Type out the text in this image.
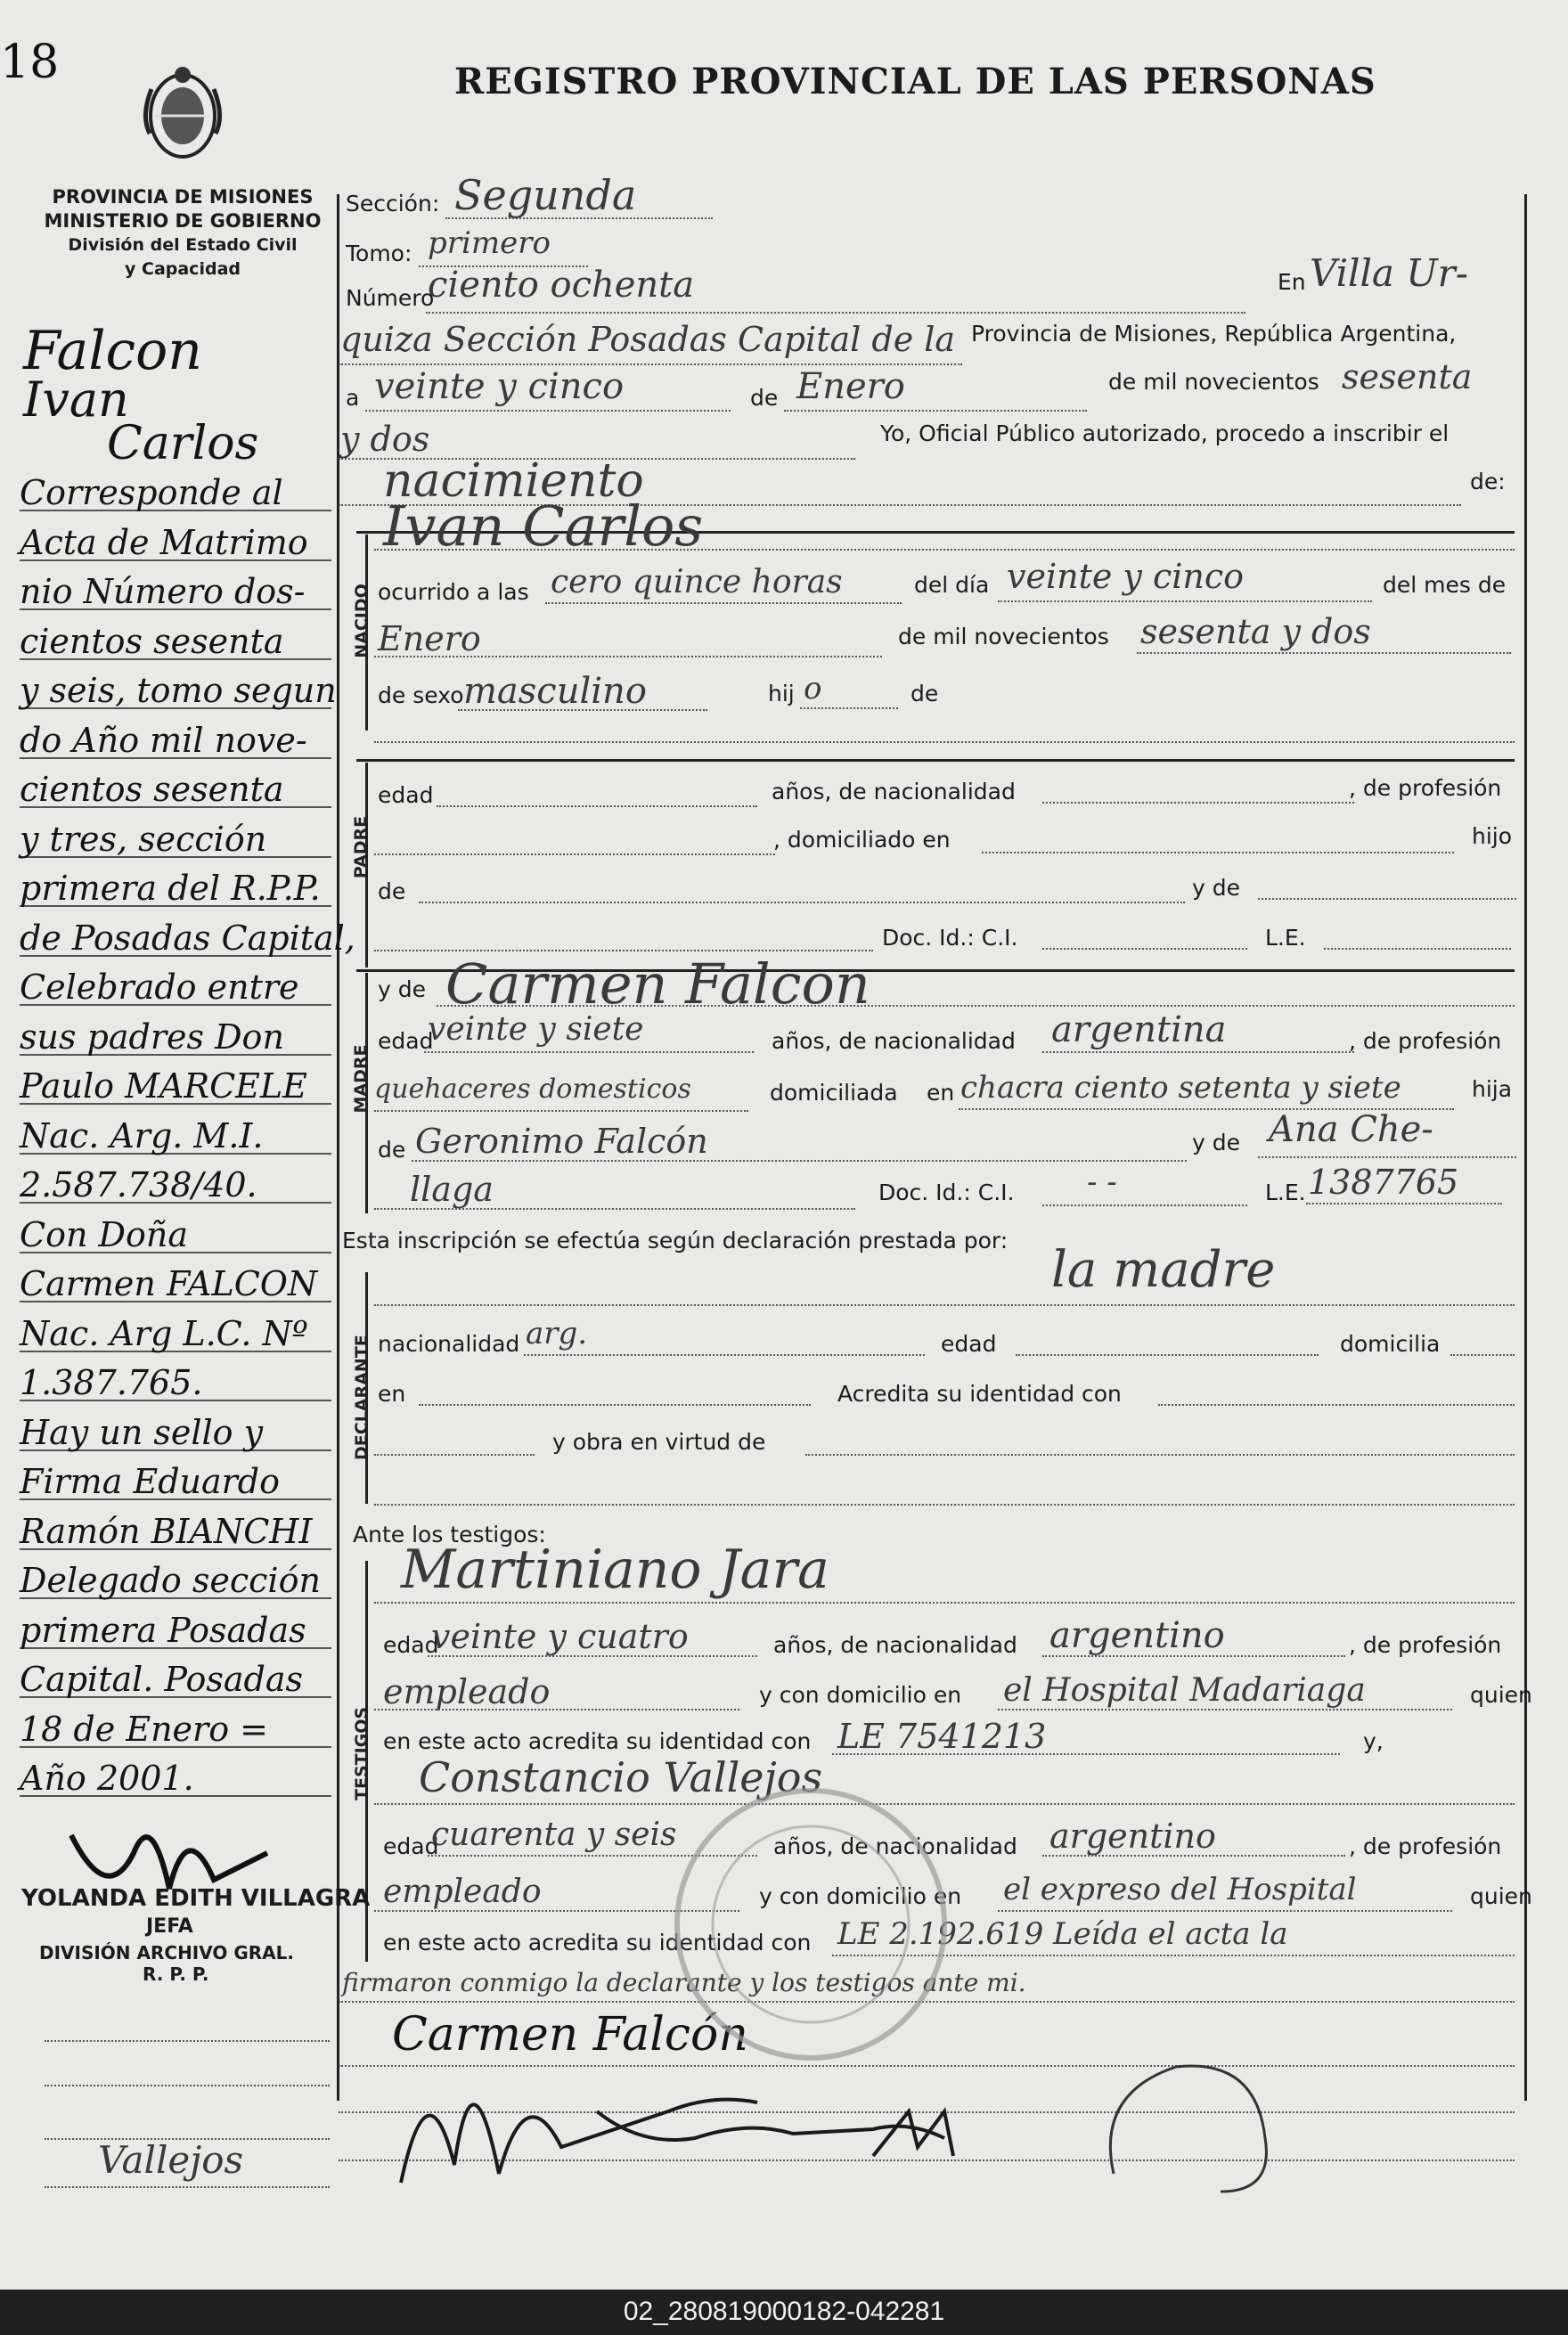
18
PROVINCIA DE MISIONES
MINISTERIO DE GOBIERNO
División del Estado Civil
y Capacidad
REGISTRO PROVINCIAL DE LAS PERSONAS
Sección: Segunda
Tomo: primero
Número
ciento ochenta	En Villa Ur-
quiza Sección Posadas Capital de la Provincia de Misiones, República Argentina,
a veinte y cinco	de Enero	de mil novecientos sesenta
y dos	Yo, Oficial Público autorizado, procedo a inscribir el
nacimiento	de:
NACIDO
Ivan Carlos
ocurrido a las cero quince horas	del día veinte y cinco	del mes de
Enero	de mil novecientos sesenta y dos
de sexo masculino	hij o	de
PADRE
edad	años, de nacionalidad	, de profesión
, domiciliado en	hijo
de	y de
Doc. Id.: C.I.	L.E.
MADRE
y de Carmen Falcon
edad
veinte y siete	años, de nacionalidad argentina	, de profesión
quehaceres domesticos	domiciliada en chacra ciento setenta y siete	hija
de Geronimo Falcón	y de Ana Che-
llaga	Doc. Id.: C.I. - -	L.E. 1387765
Esta inscripción se efectúa según declaración prestada por:
DECLARANTE
la madre
nacionalidad arg.	edad	domicilia
en	Acredita su identidad con
y obra en virtud de
Ante los testigos:
TESTIGOS
Martiniano Jara
edad
veinte y cuatro	años, de nacionalidad argentino	, de profesión
empleado	y con domicilio en el Hospital Madariaga	quien
en este acto acredita su identidad con LE 7541213	y,
Constancio Vallejos
edad
cuarenta y seis	años, de nacionalidad argentino	, de profesión
empleado	y con domicilio en el expreso del Hospital	quien
en este acto acredita su identidad con LE 2.192.619 Leída el acta la
firmaron conmigo la declarante y los testigos ante mi.
Carmen Falcón
Falcon
Ivan
Carlos
Corresponde al
Acta de Matrimo
nio Número dos-
cientos sesenta
y seis, tomo segun
do Año mil nove-
cientos sesenta
y tres, sección
primera del R.P.P.
de Posadas Capital,
Celebrado entre
sus padres Don
Paulo MARCELE
Nac. Arg. M.I.
2.587.738/40.
Con Doña
Carmen FALCON
Nac. Arg L.C. Nº
1.387.765.
Hay un sello y
Firma Eduardo
Ramón BIANCHI
Delegado sección
primera Posadas
Capital. Posadas
18 de Enero =
Año 2001.
YOLANDA EDITH VILLAGRA
JEFA
DIVISIÓN ARCHIVO GRAL.
R. P. P.
Vallejos
02_280819000182-042281
